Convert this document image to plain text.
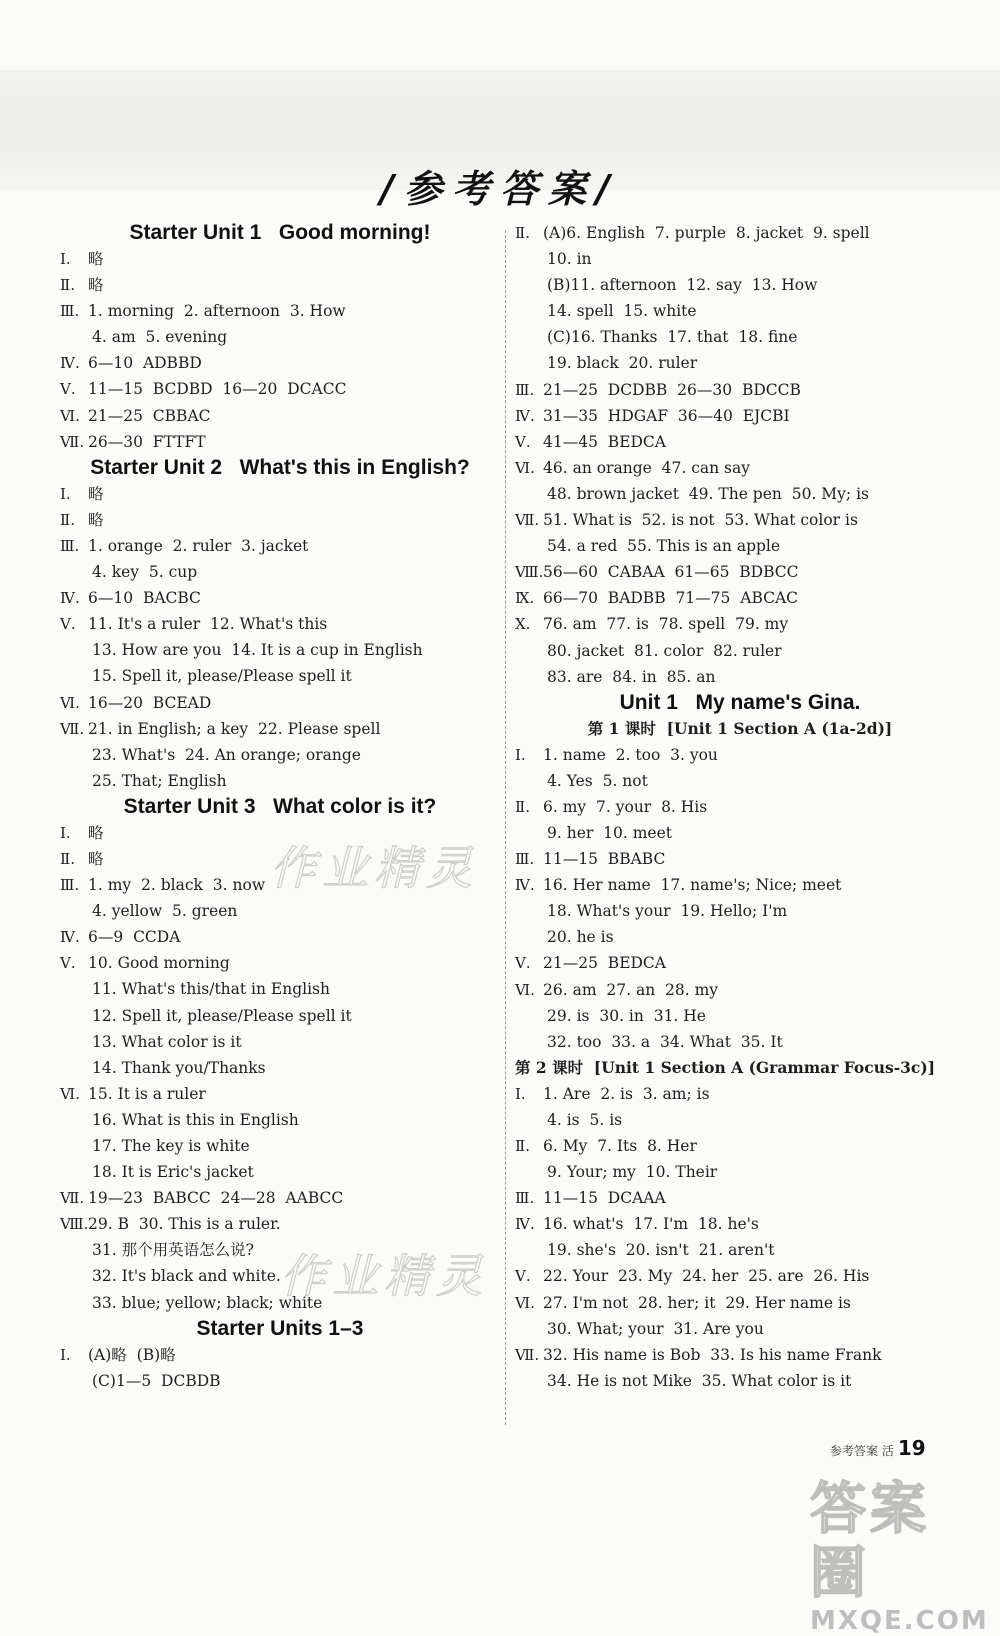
/参考答案/
Starter Unit 1   Good morning!
Ⅰ. 略
Ⅱ. 略
Ⅲ. 1. morning  2. afternoon  3. How
4. am  5. evening
Ⅳ. 6—10  ADBBD
Ⅴ. 11—15  BCDBD  16—20  DCACC
Ⅵ. 21—25  CBBAC
Ⅶ. 26—30  FTTFT
Starter Unit 2   What's this in English?
Ⅰ. 略
Ⅱ. 略
Ⅲ. 1. orange  2. ruler  3. jacket
4. key  5. cup
Ⅳ. 6—10  BACBC
Ⅴ. 11. It's a ruler  12. What's this
13. How are you  14. It is a cup in English
15. Spell it, please/Please spell it
Ⅵ. 16—20  BCEAD
Ⅶ. 21. in English; a key  22. Please spell
23. What's  24. An orange; orange
25. That; English
Starter Unit 3   What color is it?
Ⅰ. 略
Ⅱ. 略
Ⅲ. 1. my  2. black  3. now
4. yellow  5. green
Ⅳ. 6—9  CCDA
Ⅴ. 10. Good morning
11. What's this/that in English
12. Spell it, please/Please spell it
13. What color is it
14. Thank you/Thanks
Ⅵ. 15. It is a ruler
16. What is this in English
17. The key is white
18. It is Eric's jacket
Ⅶ. 19—23  BABCC  24—28  AABCC
Ⅷ.29. B  30. This is a ruler.
31. 那个用英语怎么说?
32. It's black and white.
33. blue; yellow; black; white
Starter Units 1–3
Ⅰ. (A)略  (B)略
(C)1—5  DCBDB
Ⅱ. (A)6. English  7. purple  8. jacket  9. spell
10. in
(B)11. afternoon  12. say  13. How
14. spell  15. white
(C)16. Thanks  17. that  18. fine
19. black  20. ruler
Ⅲ. 21—25  DCDBB  26—30  BDCCB
Ⅳ. 31—35  HDGAF  36—40  EJCBI
Ⅴ. 41—45  BEDCA
Ⅵ. 46. an orange  47. can say
48. brown jacket  49. The pen  50. My; is
Ⅶ. 51. What is  52. is not  53. What color is
54. a red  55. This is an apple
Ⅷ.56—60  CABAA  61—65  BDBCC
Ⅸ. 66—70  BADBB  71—75  ABCAC
Ⅹ. 76. am  77. is  78. spell  79. my
80. jacket  81. color  82. ruler
83. are  84. in  85. an
Unit 1   My name's Gina.
第 1 课时  [Unit 1 Section A (1a-2d)]
Ⅰ. 1. name  2. too  3. you
4. Yes  5. not
Ⅱ. 6. my  7. your  8. His
9. her  10. meet
Ⅲ. 11—15  BBABC
Ⅳ. 16. Her name  17. name's; Nice; meet
18. What's your  19. Hello; I'm
20. he is
Ⅴ. 21—25  BEDCA
Ⅵ. 26. am  27. an  28. my
29. is  30. in  31. He
32. too  33. a  34. What  35. It
第 2 课时  [Unit 1 Section A (Grammar Focus-3c)]
Ⅰ. 1. Are  2. is  3. am; is
4. is  5. is
Ⅱ. 6. My  7. Its  8. Her
9. Your; my  10. Their
Ⅲ. 11—15  DCAAA
Ⅳ. 16. what's  17. I'm  18. he's
19. she's  20. isn't  21. aren't
Ⅴ. 22. Your  23. My  24. her  25. are  26. His
Ⅵ. 27. I'm not  28. her; it  29. Her name is
30. What; your  31. Are you
Ⅶ. 32. His name is Bob  33. Is his name Frank
34. He is not Mike  35. What color is it
作业精灵
作业精灵
参考答案 活 19
答案圈
MXQE.COM
